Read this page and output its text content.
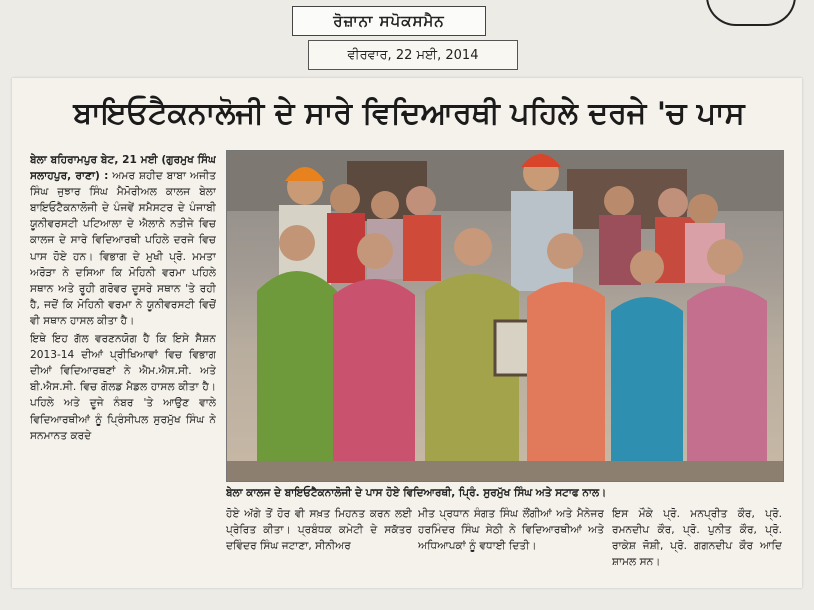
ਰੋਜ਼ਾਨਾ ਸਪੋਕਸਮੈਨ
ਵੀਰਵਾਰ, 22 ਮਈ, 2014
ਬਾਇਓਟੈਕਨਾਲੋਜੀ ਦੇ ਸਾਰੇ ਵਿਦਿਆਰਥੀ ਪਹਿਲੇ ਦਰਜੇ 'ਚ ਪਾਸ

ਬੇਲਾ ਬਹਿਰਾਮਪੁਰ ਬੇਟ, 21 ਮਈ (ਗੁਰਮੁਖ ਸਿੰਘ ਸਲਾਹਪੁਰ, ਰਾਣਾ) : ਅਮਰ ਸ਼ਹੀਦ ਬਾਬਾ ਅਜੀਤ ਸਿੰਘ ਜੁਝਾਰ ਸਿੰਘ ਮੈਮੋਰੀਅਲ ਕਾਲਜ ਬੇਲਾ ਬਾਇਓਟੈਕਨਾਲੋਜੀ ਦੇ ਪੰਜਵੇਂ ਸਮੈਸਟਰ ਦੇ ਪੰਜਾਬੀ ਯੂਨੀਵਰਸਟੀ ਪਟਿਆਲਾ ਦੇ ਐਲਾਨੇ ਨਤੀਜੇ ਵਿਚ ਕਾਲਜ ਦੇ ਸਾਰੇ ਵਿਦਿਆਰਥੀ ਪਹਿਲੇ ਦਰਜੇ ਵਿਚ ਪਾਸ ਹੋਏ ਹਨ। ਵਿਭਾਗ ਦੇ ਮੁਖੀ ਪ੍ਰੋ. ਮਮਤਾ ਅਰੋੜਾ ਨੇ ਦਸਿਆ ਕਿ ਮੋਹਿਨੀ ਵਰਮਾ ਪਹਿਲੇ ਸਥਾਨ ਅਤੇ ਰੂਹੀ ਗਰੋਵਰ ਦੂਸਰੇ ਸਥਾਨ 'ਤੇ ਰਹੀ ਹੈ, ਜਦੋਂ ਕਿ ਮੋਹਿਨੀ ਵਰਮਾ ਨੇ ਯੂਨੀਵਰਸਟੀ ਵਿਚੋਂ ਵੀ ਸਥਾਨ ਹਾਸਲ ਕੀਤਾ ਹੈ।

ਇਥੇ ਇਹ ਗੱਲ ਵਰਣਨਯੋਗ ਹੈ ਕਿ ਇਸੇ ਸੈਸ਼ਨ 2013-14 ਦੀਆਂ ਪ੍ਰੀਖਿਆਵਾਂ ਵਿਚ ਵਿਭਾਗ ਦੀਆਂ ਵਿਦਿਆਰਥਣਾਂ ਨੇ ਐਮ.ਐਸ.ਸੀ. ਅਤੇ ਬੀ.ਐਸ.ਸੀ. ਵਿਚ ਗੋਲਡ ਮੈਡਲ ਹਾਸਲ ਕੀਤਾ ਹੈ। ਪਹਿਲੇ ਅਤੇ ਦੂਜੇ ਨੰਬਰ 'ਤੇ ਆਉਣ ਵਾਲੇ ਵਿਦਿਆਰਥੀਆਂ ਨੂੰ ਪ੍ਰਿੰਸੀਪਲ ਸੁਰਮੁੱਖ ਸਿੰਘ ਨੇ ਸਨਮਾਨਤ ਕਰਦੇ

ਬੇਲਾ ਕਾਲਜ ਦੇ ਬਾਇਓਟੈਕਨਾਲੋਜੀ ਦੇ ਪਾਸ ਹੋਏ ਵਿਦਿਆਰਥੀ, ਪ੍ਰਿੰ. ਸੁਰਮੁੱਖ ਸਿੰਘ ਅਤੇ ਸਟਾਫ ਨਾਲ।
ਹੋਏ ਅੱਗੇ ਤੋਂ ਹੋਰ ਵੀ ਸਖ਼ਤ ਮਿਹਨਤ ਕਰਨ ਲਈ ਪ੍ਰੇਰਿਤ ਕੀਤਾ। ਪ੍ਰਬੰਧਕ ਕਮੇਟੀ ਦੇ ਸਕੱਤਰ ਦਵਿੰਦਰ ਸਿੰਘ ਜਟਾਣਾ, ਸੀਨੀਅਰ
ਮੀਤ ਪ੍ਰਧਾਨ ਸੰਗਤ ਸਿੰਘ ਲੌਂਗੀਆਂ ਅਤੇ ਮੈਨੇਜਰ ਹਰਮਿੰਦਰ ਸਿੰਘ ਸੇਠੀ ਨੇ ਵਿਦਿਆਰਥੀਆਂ ਅਤੇ ਅਧਿਆਪਕਾਂ ਨੂੰ ਵਧਾਈ ਦਿਤੀ।
ਇਸ ਮੌਕੇ ਪ੍ਰੋ. ਮਨਪ੍ਰੀਤ ਕੌਰ, ਪ੍ਰੋ. ਰਮਨਦੀਪ ਕੌਰ, ਪ੍ਰੋ. ਪੁਨੀਤ ਕੌਰ, ਪ੍ਰੋ. ਰਾਕੇਸ਼ ਜੋਸ਼ੀ, ਪ੍ਰੋ. ਗਗਨਦੀਪ ਕੌਰ ਆਦਿ ਸ਼ਾਮਲ ਸਨ।
